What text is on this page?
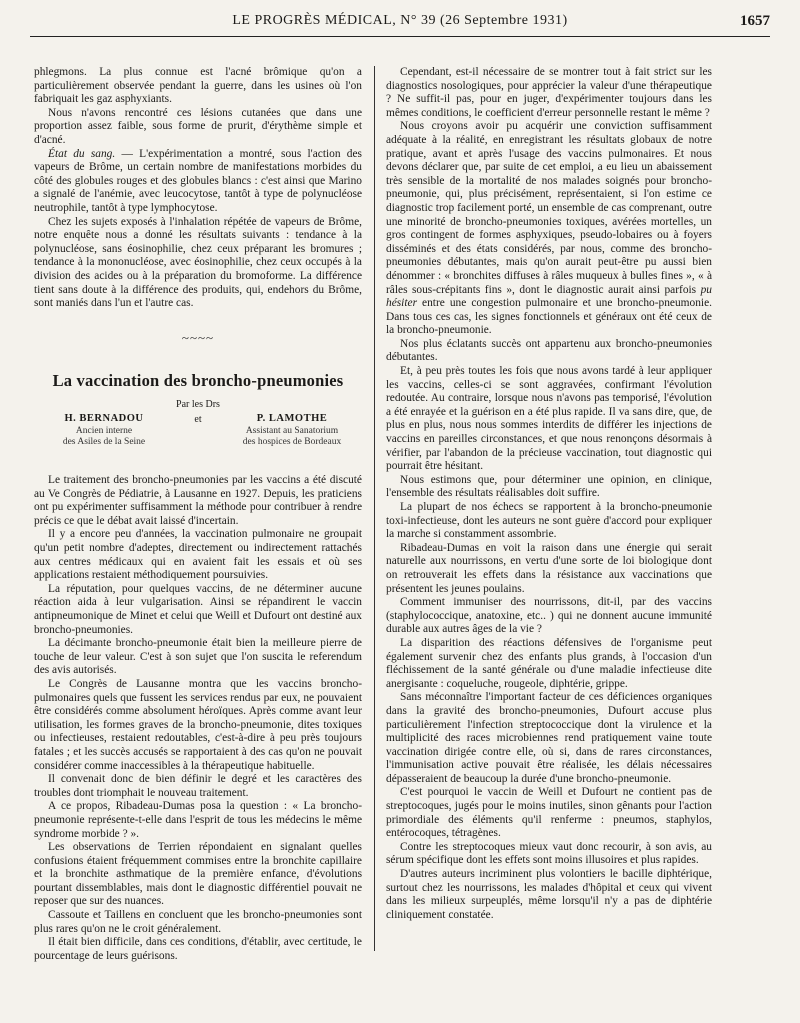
LE PROGRÈS MÉDICAL, N° 39 (26 Septembre 1931)	1657

phlegmons. La plus connue est l'acné brômique qu'on a particulièrement observée pendant la guerre, dans les usines où l'on fabriquait les gaz asphyxiants.

Nous n'avons rencontré ces lésions cutanées que dans une proportion assez faible, sous forme de prurit, d'érythème simple et d'acné.

État du sang. — L'expérimentation a montré, sous l'action des vapeurs de Brôme, un certain nombre de manifestations morbides du côté des globules rouges et des globules blancs : c'est ainsi que Marino a signalé de l'anémie, avec leucocytose, tantôt à type de polynucléose neutrophile, tantôt à type lymphocytose.

Chez les sujets exposés à l'inhalation répétée de vapeurs de Brôme, notre enquête nous a donné les résultats suivants : tendance à la polynucléose, sans éosinophilie, chez ceux préparant les bromures ; tendance à la mononucléose, avec éosinophilie, chez ceux occupés à la division des acides ou à la préparation du bromoforme. La différence tient sans doute à la différence des produits, qui, endehors du Brôme, sont maniés dans l'un et l'autre cas.

~~~~
La vaccination des broncho-pneumonies
Par les Drs
H. BERNADOU
Ancien interne
des Asiles de la Seine
et	P. LAMOTHE
Assistant au Sanatorium
des hospices de Bordeaux

Le traitement des broncho-pneumonies par les vaccins a été discuté au Ve Congrès de Pédiatrie, à Lausanne en 1927. Depuis, les praticiens ont pu expérimenter suffisamment la méthode pour contribuer à rendre précis ce que le débat avait laissé d'incertain.

Il y a encore peu d'années, la vaccination pulmonaire ne groupait qu'un petit nombre d'adeptes, directement ou indirectement rattachés aux centres médicaux qui en avaient fait les essais et où ses applications restaient méthodiquement poursuivies.

La réputation, pour quelques vaccins, de ne déterminer aucune réaction aida à leur vulgarisation. Ainsi se répandirent le vaccin antipneumonique de Minet et celui que Weill et Dufourt ont destiné aux broncho-pneumonies.

La décimante broncho-pneumonie était bien la meilleure pierre de touche de leur valeur. C'est à son sujet que l'on suscita le referendum des avis autorisés.

Le Congrès de Lausanne montra que les vaccins broncho-pulmonaires quels que fussent les services rendus par eux, ne pouvaient être considérés comme absolument héroïques. Après comme avant leur utilisation, les formes graves de la broncho-pneumonie, dites toxiques ou infectieuses, restaient redoutables, c'est-à-dire à peu près toujours fatales ; et les succès accusés se rapportaient à des cas qu'on ne pouvait considérer comme inaccessibles à la thérapeutique habituelle.

Il convenait donc de bien définir le degré et les caractères des troubles dont triomphait le nouveau traitement.

A ce propos, Ribadeau-Dumas posa la question : « La broncho-pneumonie représente-t-elle dans l'esprit de tous les médecins le même syndrome morbide ? ».

Les observations de Terrien répondaient en signalant quelles confusions étaient fréquemment commises entre la bronchite capillaire et la bronchite asthmatique de la première enfance, d'évolutions pourtant dissemblables, mais dont le diagnostic différentiel pouvait ne reposer que sur des nuances.

Cassoute et Taillens en concluent que les broncho-pneumonies sont plus rares qu'on ne le croit généralement.

Il était bien difficile, dans ces conditions, d'établir, avec certitude, le pourcentage de leurs guérisons.

Cependant, est-il nécessaire de se montrer tout à fait strict sur les diagnostics nosologiques, pour apprécier la valeur d'une thérapeutique ? Ne suffit-il pas, pour en juger, d'expérimenter toujours dans les mêmes conditions, le coefficient d'erreur personnelle restant le même ?

Nous croyons avoir pu acquérir une conviction suffisamment adéquate à la réalité, en enregistrant les résultats globaux de notre pratique, avant et après l'usage des vaccins pulmonaires. Et nous devons déclarer que, par suite de cet emploi, a eu lieu un abaissement très sensible de la mortalité de nos malades soignés pour broncho-pneumonie, qui, plus précisément, représentaient, si l'on estime ce diagnostic trop facilement porté, un ensemble de cas comprenant, outre une minorité de broncho-pneumonies toxiques, avérées mortelles, un gros contingent de formes asphyxiques, pseudo-lobaires ou à foyers disséminés et des états considérés, par nous, comme des broncho-pneumonies débutantes, mais qu'on aurait peut-être pu aussi bien dénommer : « bronchites diffuses à râles muqueux à bulles fines », « à râles sous-crépitants fins », dont le diagnostic aurait ainsi parfois pu hésiter entre une congestion pulmonaire et une broncho-pneumonie. Dans tous ces cas, les signes fonctionnels et généraux ont été ceux de la broncho-pneumonie.

Nos plus éclatants succès ont appartenu aux broncho-pneumonies débutantes.

Et, à peu près toutes les fois que nous avons tardé à leur appliquer les vaccins, celles-ci se sont aggravées, confirmant l'évolution redoutée. Au contraire, lorsque nous n'avons pas temporisé, l'évolution a été enrayée et la guérison en a été plus rapide. Il va sans dire, que, de plus en plus, nous nous sommes interdits de différer les injections de vaccins en pareilles circonstances, et que nous renonçons désormais à vérifier, par l'abandon de la précieuse vaccination, tout diagnostic qui pourrait être hésitant.

Nous estimons que, pour déterminer une opinion, en clinique, l'ensemble des résultats réalisables doit suffire.

La plupart de nos échecs se rapportent à la broncho-pneumonie toxi-infectieuse, dont les auteurs ne sont guère d'accord pour expliquer la marche si constamment assombrie.

Ribadeau-Dumas en voit la raison dans une énergie qui serait naturelle aux nourrissons, en vertu d'une sorte de loi biologique dont on retrouverait les effets dans la résistance aux vaccinations que présentent les jeunes poulains.

Comment immuniser des nourrissons, dit-il, par des vaccins (staphylococcique, anatoxine, etc.. ) qui ne donnent aucune immunité durable aux autres âges de la vie ?

La disparition des réactions défensives de l'organisme peut également survenir chez des enfants plus grands, à l'occasion d'un fléchissement de la santé générale ou d'une maladie infectieuse dite anergisante : coqueluche, rougeole, diphtérie, grippe.

Sans méconnaître l'important facteur de ces déficiences organiques dans la gravité des broncho-pneumonies, Dufourt accuse plus particulièrement l'infection streptococcique dont la virulence et la multiplicité des races microbiennes rend pratiquement vaine toute vaccination dirigée contre elle, où si, dans de rares circonstances, l'immunisation active pouvait être réalisée, les délais nécessaires dépasseraient de beaucoup la durée d'une broncho-pneumonie.

C'est pourquoi le vaccin de Weill et Dufourt ne contient pas de streptocoques, jugés pour le moins inutiles, sinon gênants pour l'action primordiale des éléments qu'il renferme : pneumos, staphylos, entérocoques, tétragènes.

Contre les streptocoques mieux vaut donc recourir, à son avis, au sérum spécifique dont les effets sont moins illusoires et plus rapides.

D'autres auteurs incriminent plus volontiers le bacille diphtérique, surtout chez les nourrissons, les malades d'hôpital et ceux qui vivent dans les milieux surpeuplés, même lorsqu'il n'y a pas de diphtérie cliniquement constatée.
